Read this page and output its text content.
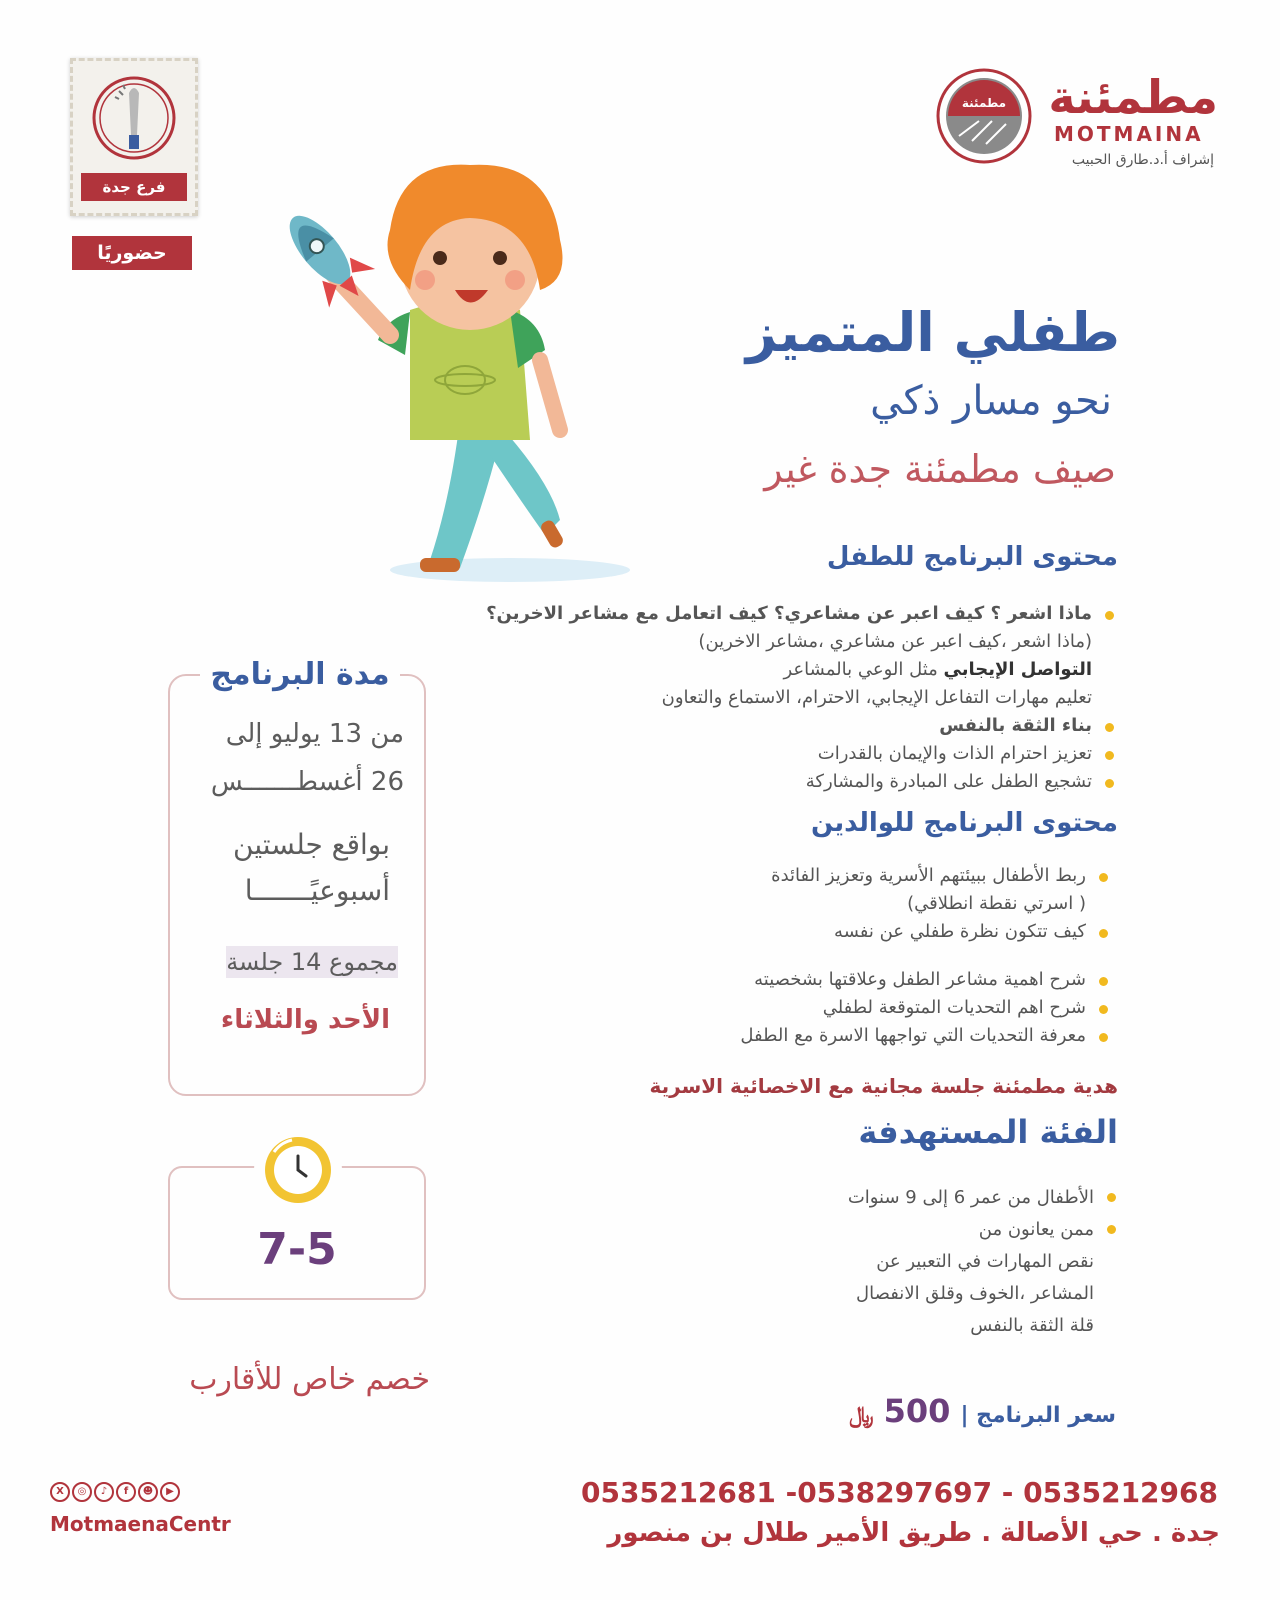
مطمئنة مطمئنة
MOTMAINA
إشراف أ.د.طارق الحبيب
فرع جدة
حضوريًا
طفلي المتميز
نحو مسار ذكي
صيف مطمئنة جدة غير
محتوى البرنامج للطفل
ماذا اشعر ؟ كيف اعبر عن مشاعري؟ كيف اتعامل مع مشاعر الاخرين؟
(ماذا اشعر ،كيف اعبر عن مشاعري ،مشاعر الاخرين)
التواصل الإيجابي مثل الوعي بالمشاعر
تعليم مهارات التفاعل الإيجابي، الاحترام، الاستماع والتعاون
بناء الثقة بالنفس
تعزيز احترام الذات والإيمان بالقدرات
تشجيع الطفل على المبادرة والمشاركة
محتوى البرنامج للوالدين
ربط الأطفال ببيئتهم الأسرية وتعزيز الفائدة
( اسرتي نقطة انطلاقي)
كيف تتكون نظرة طفلي عن نفسه
شرح اهمية مشاعر الطفل وعلاقتها بشخصيته
شرح اهم التحديات المتوقعة لطفلي
معرفة التحديات التي تواجهها الاسرة مع الطفل
هدية مطمئنة جلسة مجانية مع الاخصائية الاسرية
الفئة المستهدفة
الأطفال من عمر 6 إلى 9 سنوات
ممن يعانون من
نقص المهارات في التعبير عن
المشاعر ،الخوف وقلق الانفصال
قلة الثقة بالنفس
مدة البرنامج
من 13 يوليو إلى
26 أغسطـــــــس
بواقع جلستين
أسبوعيًـــــــا
مجموع 14 جلسة
الأحد والثلاثاء
7-5
خصم خاص للأقارب
سعر البرنامج |
500
﷼
0535212681 -0538297697 - 0535212968
جدة . حي الأصالة . طريق الأمير طلال بن منصور
X	◎	♪	f	☻	▶
MotmaenaCentr
